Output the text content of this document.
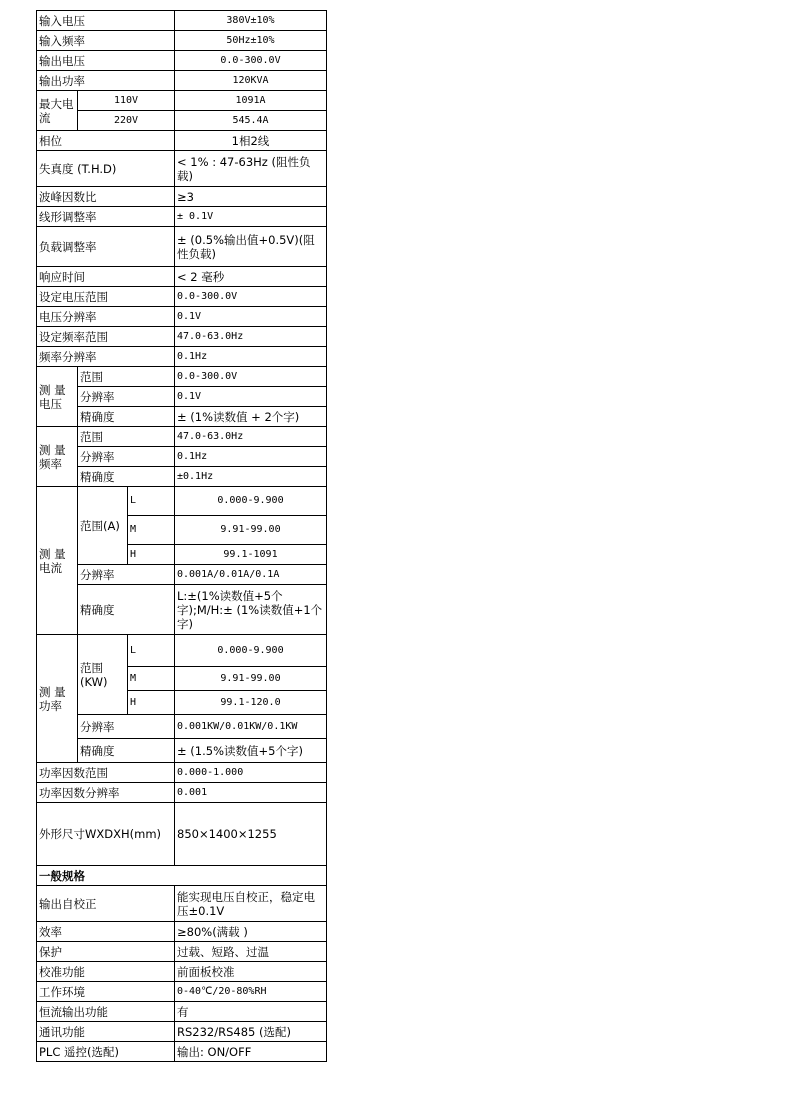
输入电压			380V±10%
输入频率			50Hz±10%
输出电压			0.0-300.0V
输出功率			120KVA
最大电流	110V		1091A
	220V		545.4A
相位			1相2线
失真度 (T.H.D)			< 1% : 47-63Hz (阻性负载)
波峰因数比			≥3
线形调整率			± 0.1V
负载调整率			± (0.5%输出值+0.5V)(阻性负载)
响应时间			< 2 毫秒
设定电压范围			0.0-300.0V
电压分辨率			0.1V
设定频率范围			47.0-63.0Hz
频率分辨率			0.1Hz
测 量 电压	范围		0.0-300.0V
	分辨率		0.1V
	精确度		± (1%读数值 + 2个字)
测 量 频率	范围		47.0-63.0Hz
	分辨率		0.1Hz
	精确度		±0.1Hz
测 量 电流	范围(A)	L	0.000-9.900
		M	9.91-99.00
		H	99.1-1091
	分辨率		0.001A/0.01A/0.1A
	精确度		L:±(1%读数值+5个字);M/H:± (1%读数值+1个字)
测 量 功率	范围 (KW)	L	0.000-9.900
		M	9.91-99.00
		H	99.1-120.0
	分辨率		0.001KW/0.01KW/0.1KW
	精确度		± (1.5%读数值+5个字)
功率因数范围			0.000-1.000
功率因数分辨率			0.001
外形尺寸WXDXH(mm)			850×1400×1255
一般规格			
输出自校正			能实现电压自校正，稳定电压±0.1V
效率			≥80%(满载 )
保护			过载、短路、过温
校准功能			前面板校准
工作环境			0-40℃/20-80%RH
恒流输出功能			有
通讯功能			RS232/RS485 (选配)
PLC 遥控(选配)			输出: ON/OFF
